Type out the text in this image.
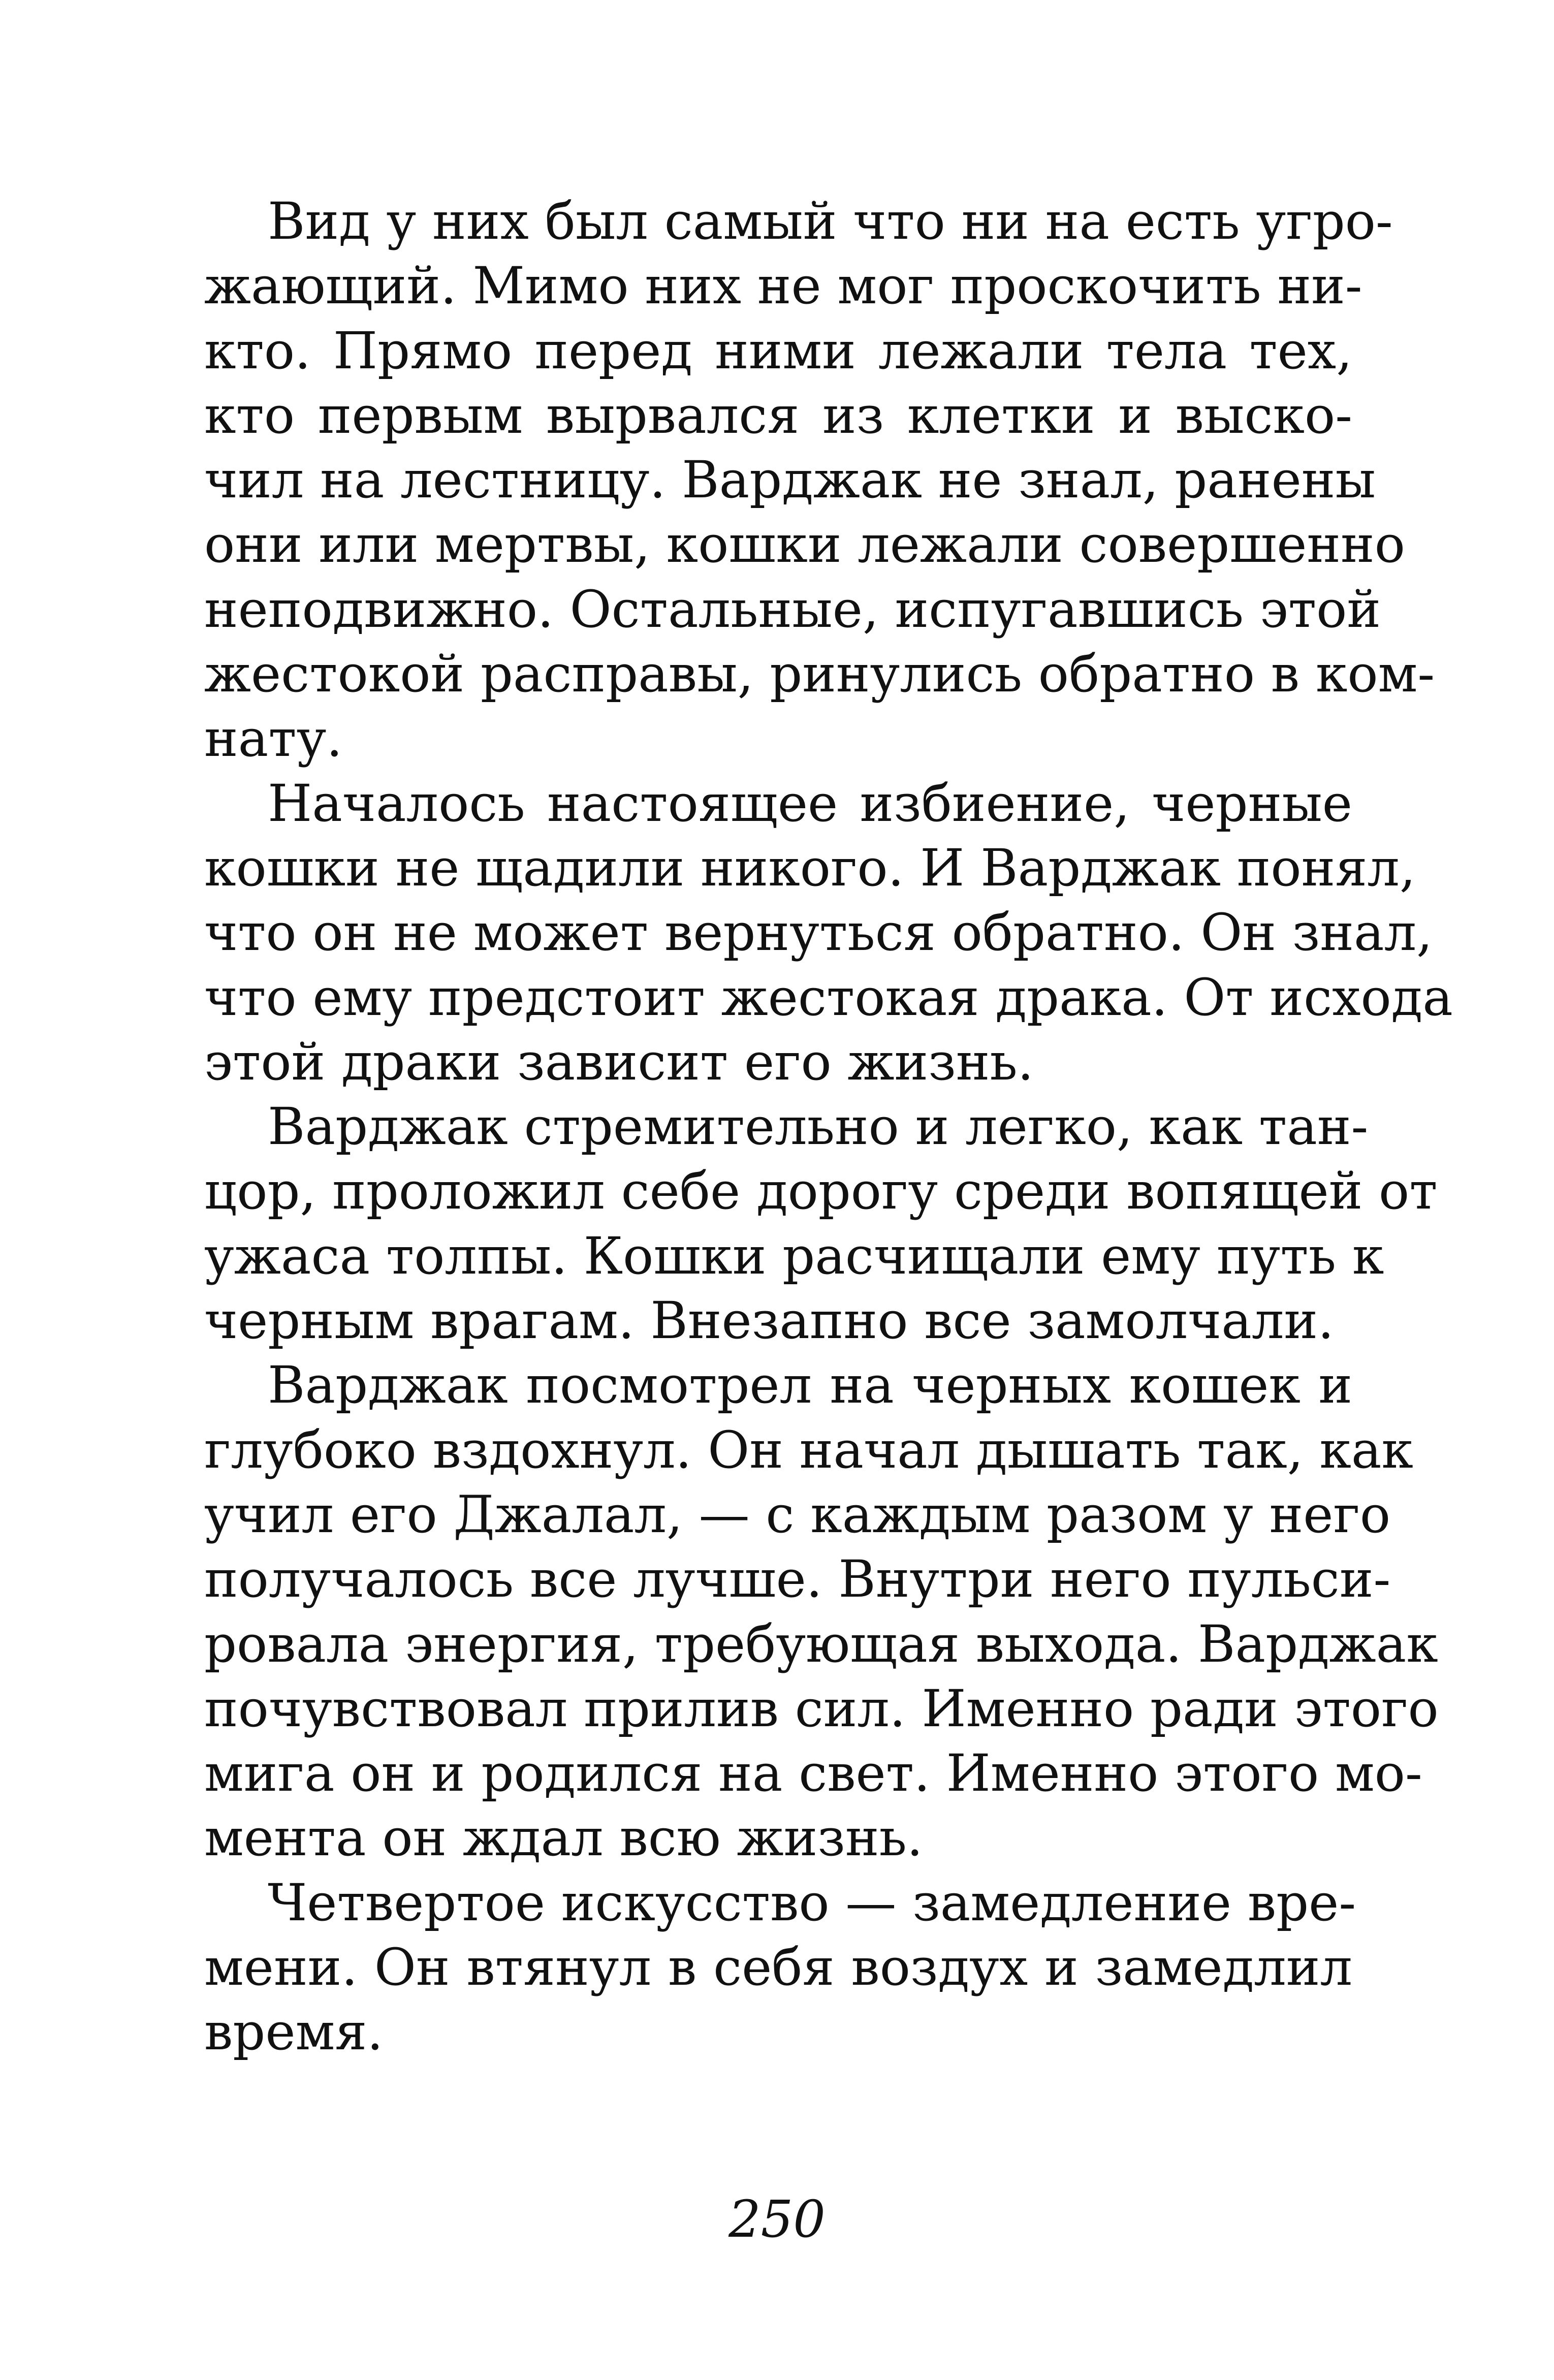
Вид у них был самый что ни на есть угро-
жающий. Мимо них не мог проскочить ни-
кто. Прямо перед ними лежали тела тех,
кто первым вырвался из клетки и выско-
чил на лестницу. Варджак не знал, ранены
они или мертвы, кошки лежали совершенно
неподвижно. Остальные, испугавшись этой
жестокой расправы, ринулись обратно в ком-
нату.
Началось настоящее избиение, черные
кошки не щадили никого. И Варджак понял,
что он не может вернуться обратно. Он знал,
что ему предстоит жестокая драка. От исхода
этой драки зависит его жизнь.
Варджак стремительно и легко, как тан-
цор, проложил себе дорогу среди вопящей от
ужаса толпы. Кошки расчищали ему путь к
черным врагам. Внезапно все замолчали.
Варджак посмотрел на черных кошек и
глубоко вздохнул. Он начал дышать так, как
учил его Джалал, — с каждым разом у него
получалось все лучше. Внутри него пульси-
ровала энергия, требующая выхода. Варджак
почувствовал прилив сил. Именно ради этого
мига он и родился на свет. Именно этого мо-
мента он ждал всю жизнь.
Четвертое искусство — замедление вре-
мени. Он втянул в себя воздух и замедлил
время.
250
